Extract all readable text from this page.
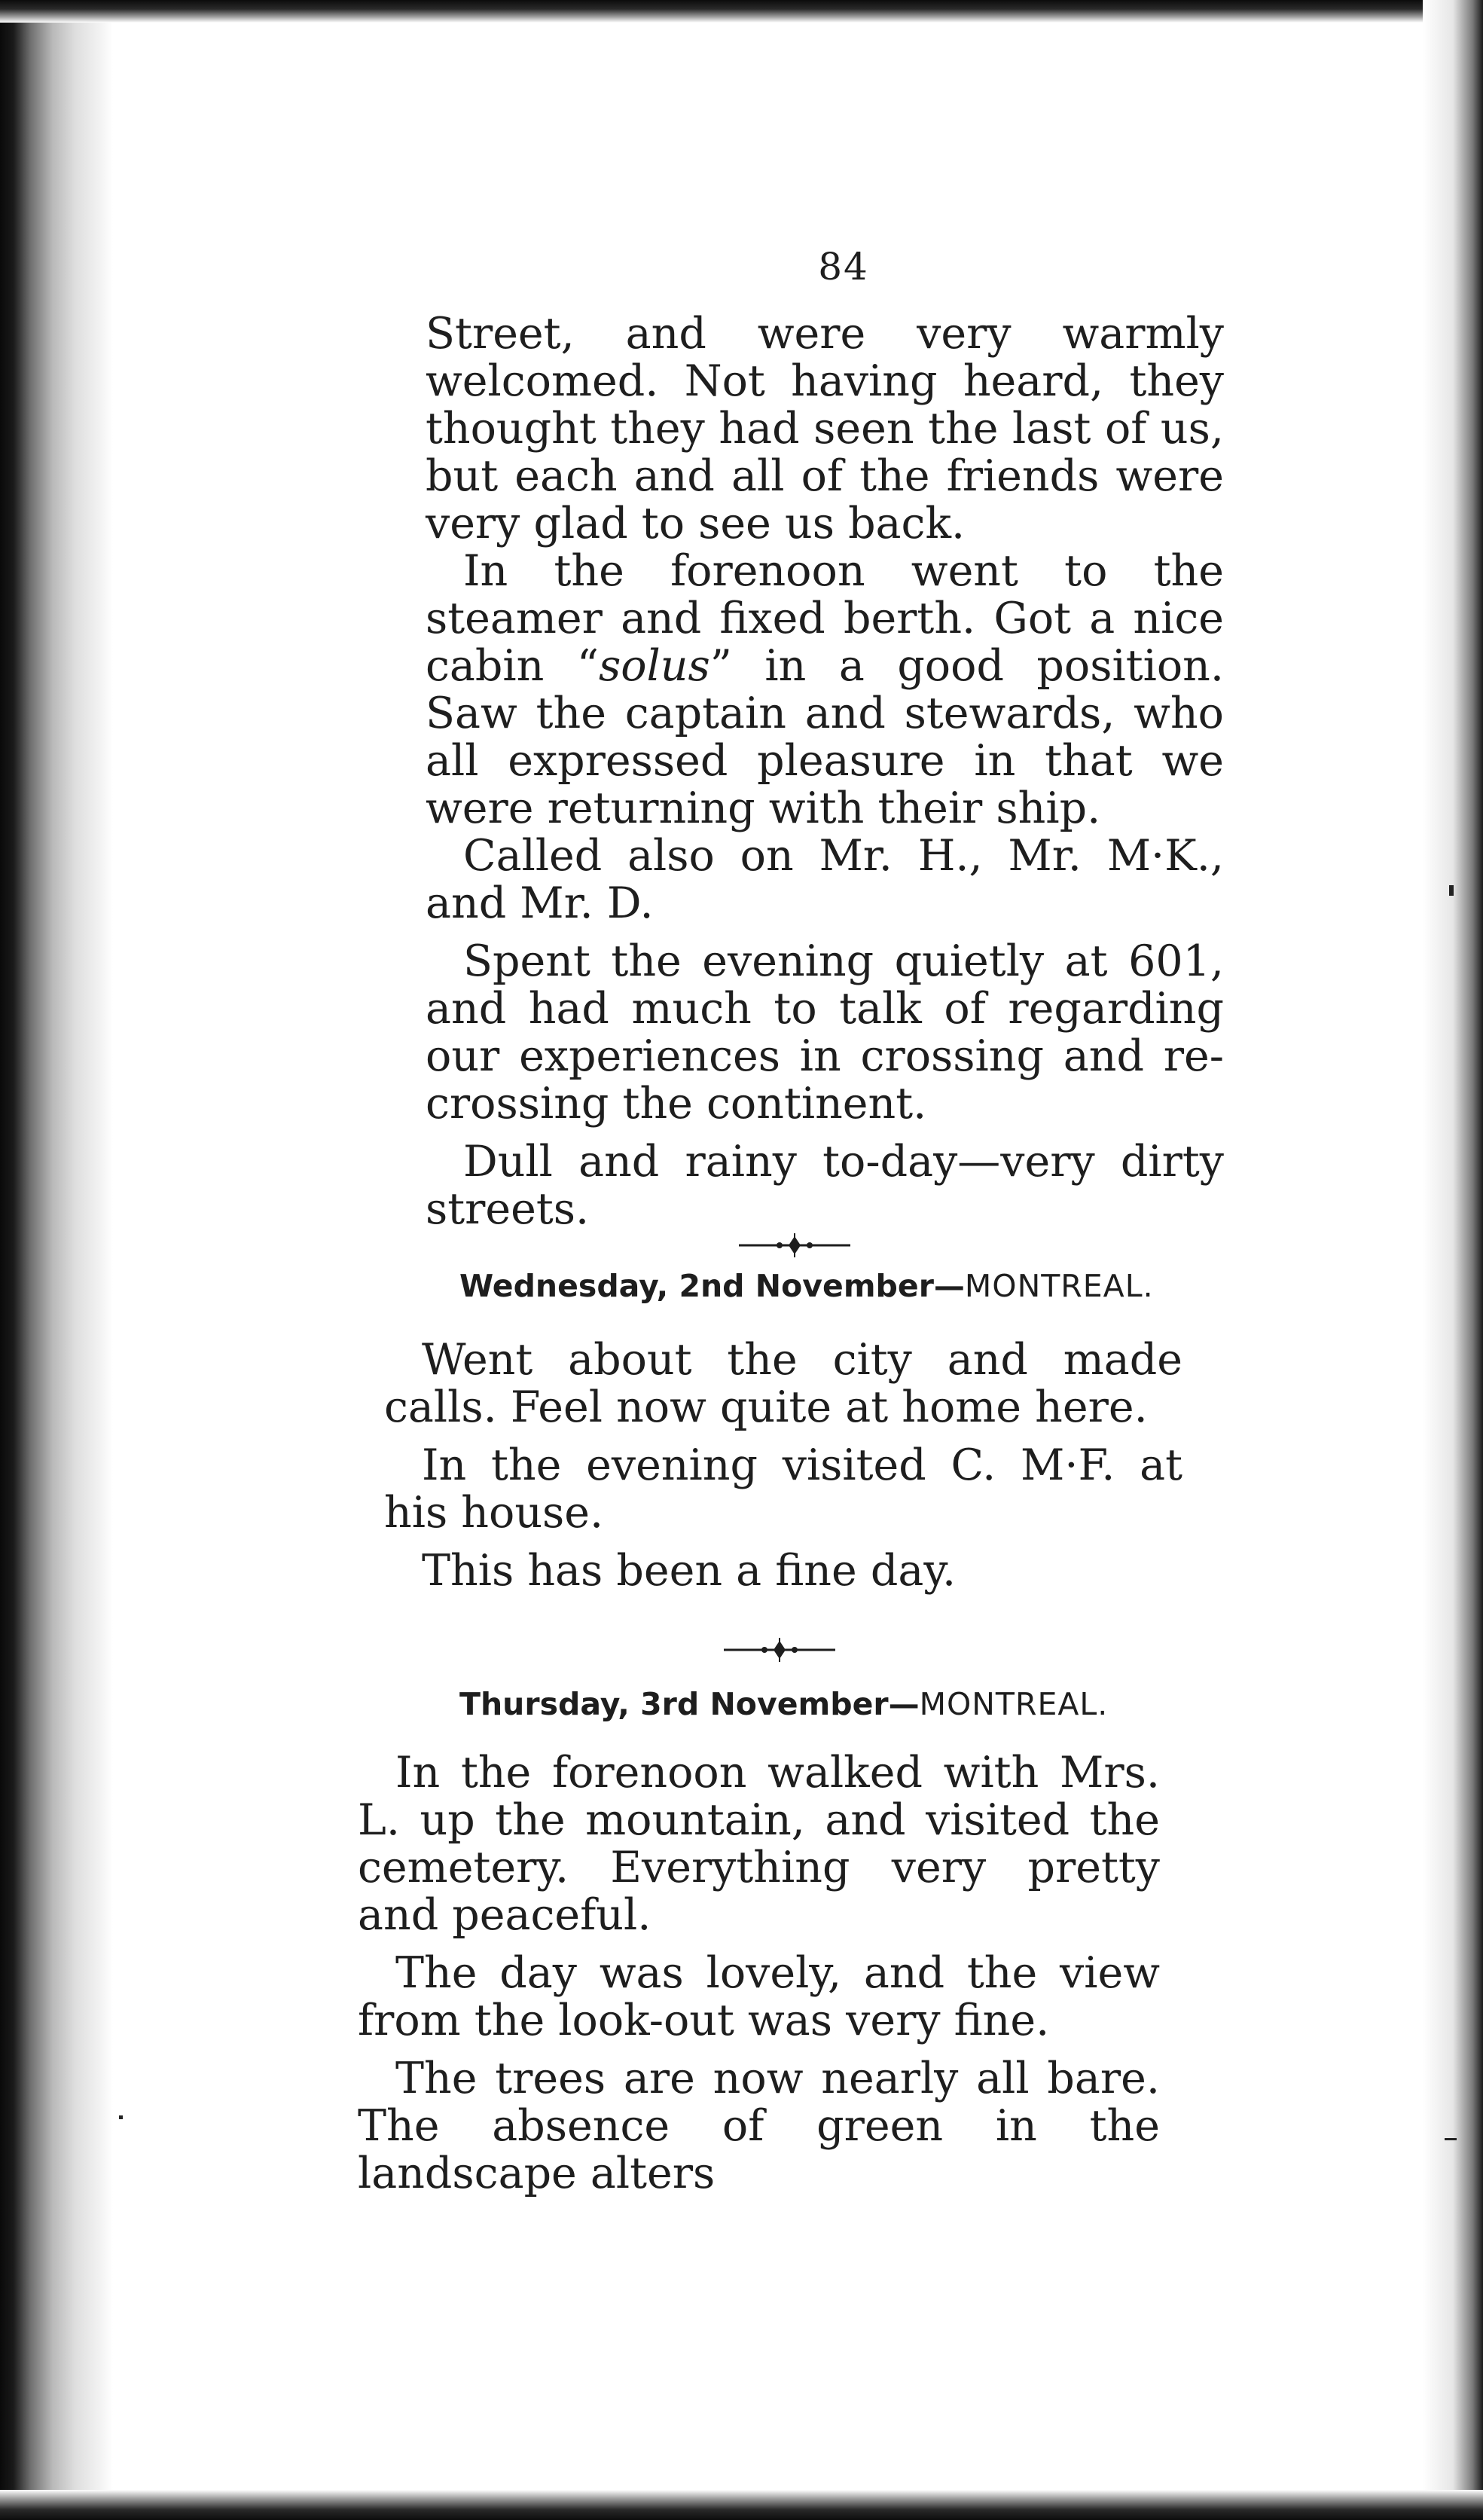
84

Street, and were very warmly welcomed. Not having heard, they thought they had seen the last of us, but each and all of the friends were very glad to see us back.

In the forenoon went to the steamer and fixed berth. Got a nice cabin “solus” in a good position. Saw the captain and stewards, who all expressed pleasure in that we were returning with their ship.

Called also on Mr. H., Mr. M·K., and Mr. D.

Spent the evening quietly at 601, and had much to talk of regarding our experiences in crossing and re-crossing the continent.

Dull and rainy to-day—very dirty streets.

Wednesday, 2nd November—MONTREAL.

Went about the city and made calls. Feel now quite at home here.

In the evening visited C. M·F. at his house.

This has been a fine day.

Thursday, 3rd November—MONTREAL.

In the forenoon walked with Mrs. L. up the mountain, and visited the cemetery. Everything very pretty and peaceful.

The day was lovely, and the view from the look-out was very fine.

The trees are now nearly all bare. The absence of green in the landscape alters
